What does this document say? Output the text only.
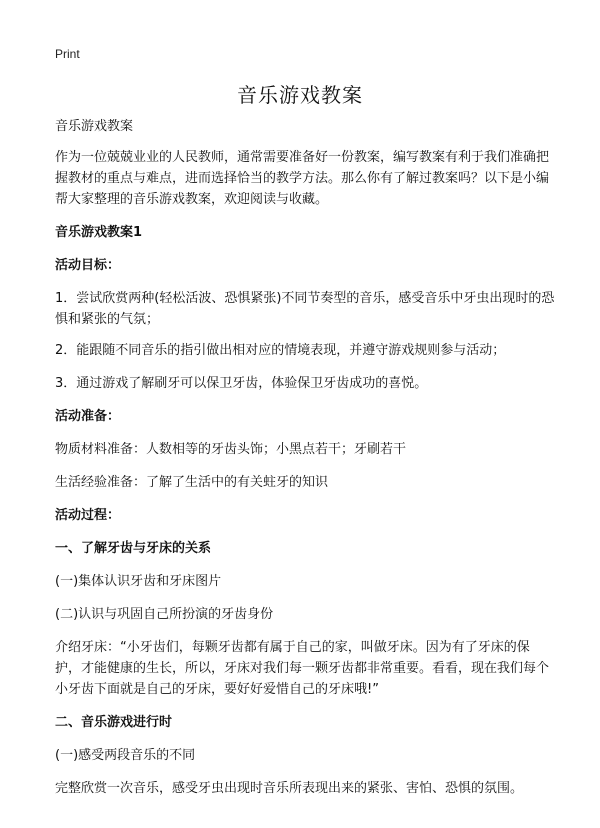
Print
音乐游戏教案

音乐游戏教案

作为一位兢兢业业的人民教师，通常需要准备好一份教案，编写教案有利于我们准确把握教材的重点与难点，进而选择恰当的教学方法。那么你有了解过教案吗？以下是小编帮大家整理的音乐游戏教案，欢迎阅读与收藏。

音乐游戏教案1

活动目标：

1．尝试欣赏两种(轻松活波、恐惧紧张)不同节奏型的音乐，感受音乐中牙虫出现时的恐惧和紧张的气氛；

2．能跟随不同音乐的指引做出相对应的情境表现，并遵守游戏规则参与活动；

3．通过游戏了解刷牙可以保卫牙齿，体验保卫牙齿成功的喜悦。

活动准备：

物质材料准备：人数相等的牙齿头饰；小黑点若干；牙刷若干

生活经验准备：了解了生活中的有关蛀牙的知识

活动过程：

一、了解牙齿与牙床的关系

(一)集体认识牙齿和牙床图片

(二)认识与巩固自己所扮演的牙齿身份

介绍牙床：“小牙齿们，每颗牙齿都有属于自己的家，叫做牙床。因为有了牙床的保护，才能健康的生长，所以，牙床对我们每一颗牙齿都非常重要。看看，现在我们每个小牙齿下面就是自己的牙床，要好好爱惜自己的牙床哦!”

二、音乐游戏进行时

(一)感受两段音乐的不同

完整欣赏一次音乐，感受牙虫出现时音乐所表现出来的紧张、害怕、恐惧的氛围。
